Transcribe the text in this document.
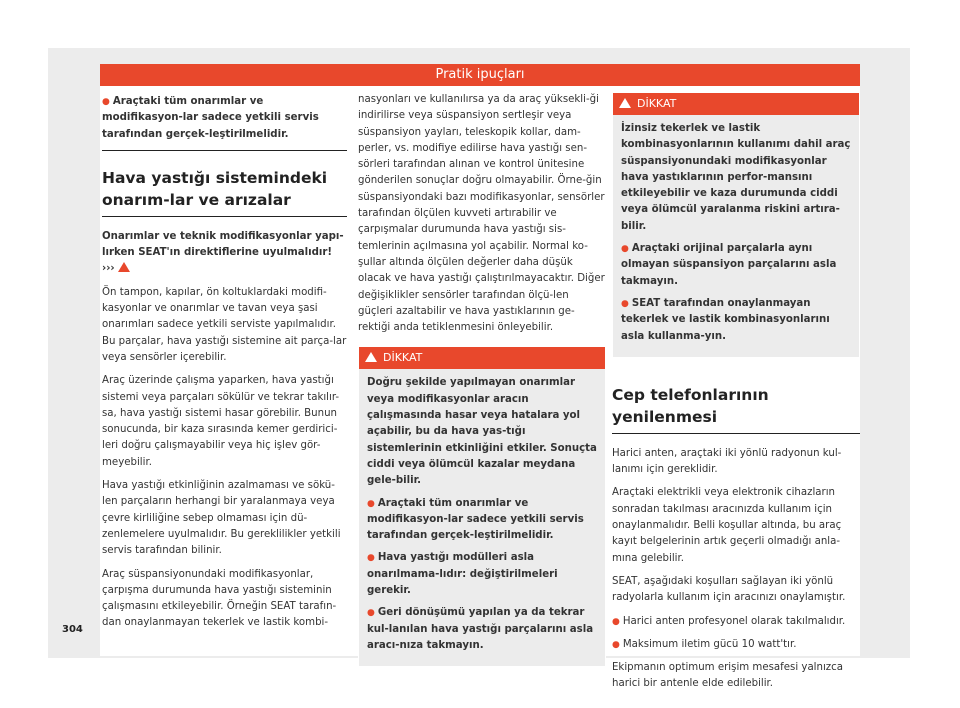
Pratik ipuçları

● Araçtaki tüm onarımlar ve modifikasyon-lar sadece yetkili servis tarafından gerçek-leştirilmelidir.

Hava yastığı sistemindeki onarım-lar ve arızalar

Onarımlar ve teknik modifikasyonlar yapı-lırken SEAT'ın direktiflerine uyulmalıdır!
›››

Ön tampon, kapılar, ön koltuklardaki modifi-kasyonlar ve onarımlar ve tavan veya şasi onarımları sadece yetkili serviste yapılmalıdır. Bu parçalar, hava yastığı sistemine ait parça-lar veya sensörler içerebilir.

Araç üzerinde çalışma yaparken, hava yastığı sistemi veya parçaları sökülür ve tekrar takılır-sa, hava yastığı sistemi hasar görebilir. Bunun sonucunda, bir kaza sırasında kemer gerdirici-leri doğru çalışmayabilir veya hiç işlev gör-meyebilir.

Hava yastığı etkinliğinin azalmaması ve sökü-len parçaların herhangi bir yaralanmaya veya çevre kirliliğine sebep olmaması için dü-zenlemelere uyulmalıdır. Bu gereklilikler yetkili servis tarafından bilinir.

Araç süspansiyonundaki modifikasyonlar, çarpışma durumunda hava yastığı sisteminin çalışmasını etkileyebilir. Örneğin SEAT tarafın-dan onaylanmayan tekerlek ve lastik kombi-

nasyonları ve kullanılırsa ya da araç yüksekli-ği indirilirse veya süspansiyon sertleşir veya süspansiyon yayları, teleskopik kollar, dam-perler, vs. modifiye edilirse hava yastığı sen-sörleri tarafından alınan ve kontrol ünitesine gönderilen sonuçlar doğru olmayabilir. Örne-ğin süspansiyondaki bazı modifikasyonlar, sensörler tarafından ölçülen kuvveti artırabilir ve çarpışmalar durumunda hava yastığı sis-temlerinin açılmasına yol açabilir. Normal ko-şullar altında ölçülen değerler daha düşük olacak ve hava yastığı çalıştırılmayacaktır. Diğer değişiklikler sensörler tarafından ölçü-len güçleri azaltabilir ve hava yastıklarının ge-rektiği anda tetiklenmesini önleyebilir.

DİKKAT

Doğru şekilde yapılmayan onarımlar veya modifikasyonlar aracın çalışmasında hasar veya hatalara yol açabilir, bu da hava yas-tığı sistemlerinin etkinliğini etkiler. Sonuçta ciddi veya ölümcül kazalar meydana gele-bilir.

● Araçtaki tüm onarımlar ve modifikasyon-lar sadece yetkili servis tarafından gerçek-leştirilmelidir.

● Hava yastığı modülleri asla onarılmama-lıdır: değiştirilmeleri gerekir.

● Geri dönüşümü yapılan ya da tekrar kul-lanılan hava yastığı parçalarını asla aracı-nıza takmayın.

DİKKAT

İzinsiz tekerlek ve lastik kombinasyonlarının kullanımı dahil araç süspansiyonundaki modifikasyonlar hava yastıklarının perfor-mansını etkileyebilir ve kaza durumunda ciddi veya ölümcül yaralanma riskini artıra-bilir.

● Araçtaki orijinal parçalarla aynı olmayan süspansiyon parçalarını asla takmayın.

● SEAT tarafından onaylanmayan tekerlek ve lastik kombinasyonlarını asla kullanma-yın.

Cep telefonlarının yenilenmesi

Harici anten, araçtaki iki yönlü radyonun kul-lanımı için gereklidir.

Araçtaki elektrikli veya elektronik cihazların sonradan takılması aracınızda kullanım için onaylanmalıdır. Belli koşullar altında, bu araç kayıt belgelerinin artık geçerli olmadığı anla-mına gelebilir.

SEAT, aşağıdaki koşulları sağlayan iki yönlü radyolarla kullanım için aracınızı onaylamıştır.

● Harici anten profesyonel olarak takılmalıdır.

● Maksimum iletim gücü 10 watt'tır.

Ekipmanın optimum erişim mesafesi yalnızca harici bir antenle elde edilebilir.

304
